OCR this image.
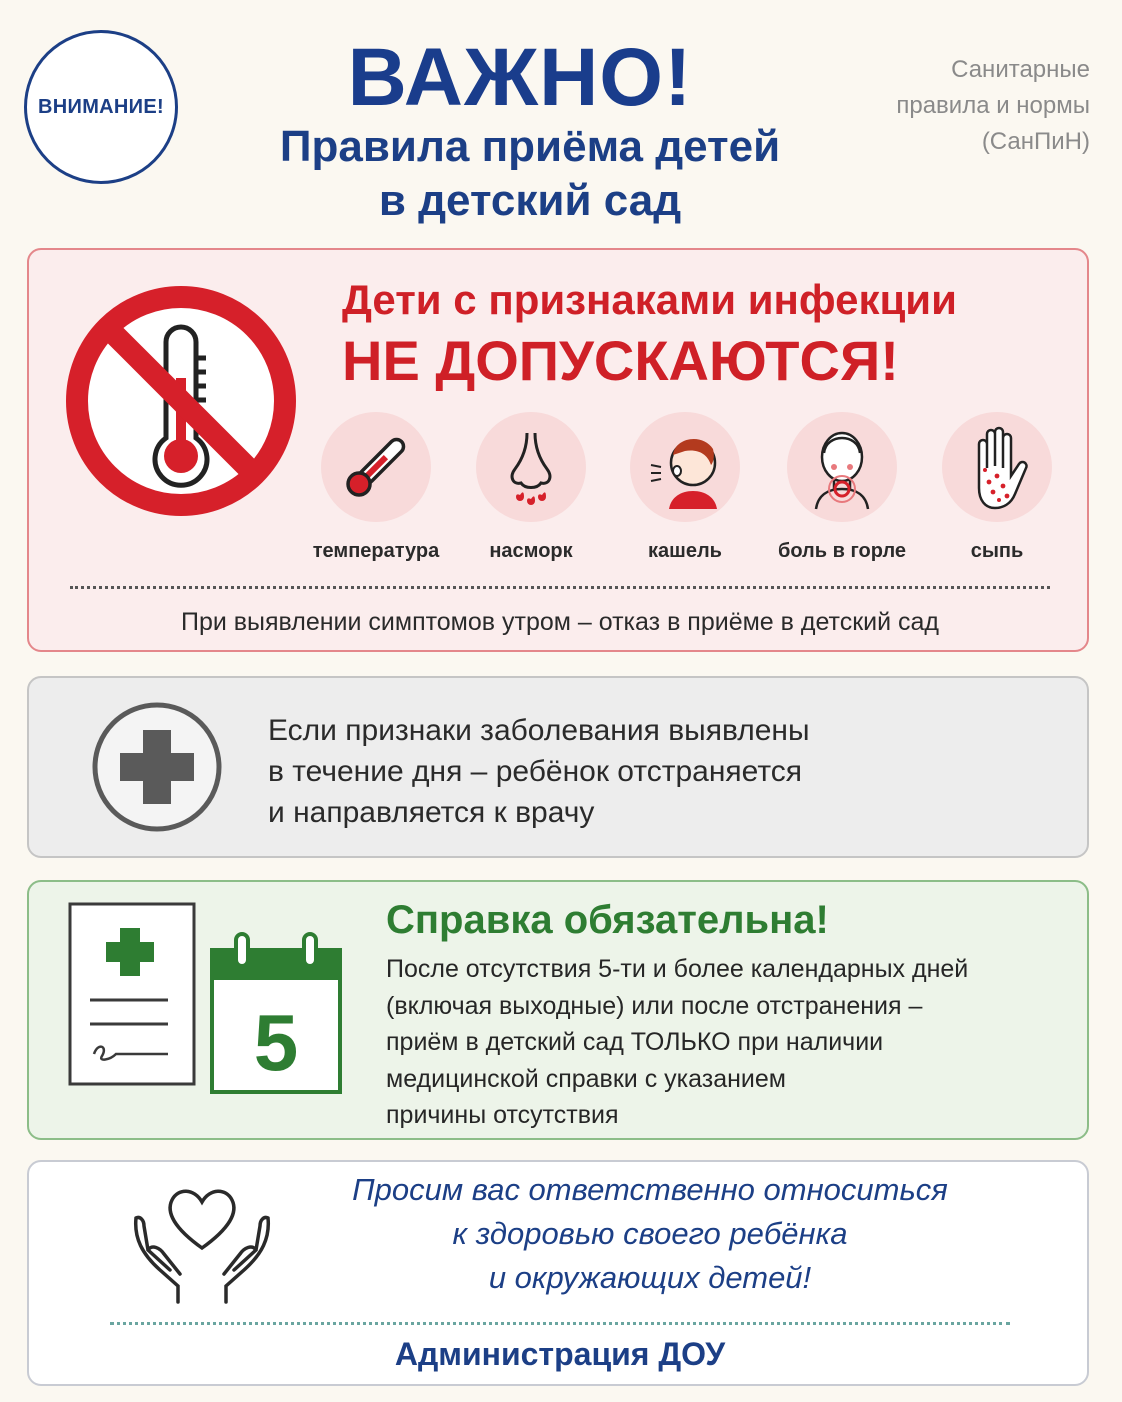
ВНИМАНИЕ!	ВАЖНО!
Правила приёма детей
в детский сад
Санитарные
правила и нормы
(СанПиН)
Дети с признаками инфекции
НЕ ДОПУСКАЮТСЯ!
температура	насморк	кашель	боль в горле	сыпь
При выявлении симптомов утром – отказ в приёме в детский сад
Если признаки заболевания выявлены
в течение дня – ребёнок отстраняется
и направляется к врачу
5
Справка обязательна!
После отсутствия 5-ти и более календарных дней
(включая выходные) или после отстранения –
приём в детский сад ТОЛЬКО при наличии
медицинской справки с указанием
причины отсутствия
Просим вас ответственно относиться
к здоровью своего ребёнка
и окружающих детей!
Администрация ДОУ
